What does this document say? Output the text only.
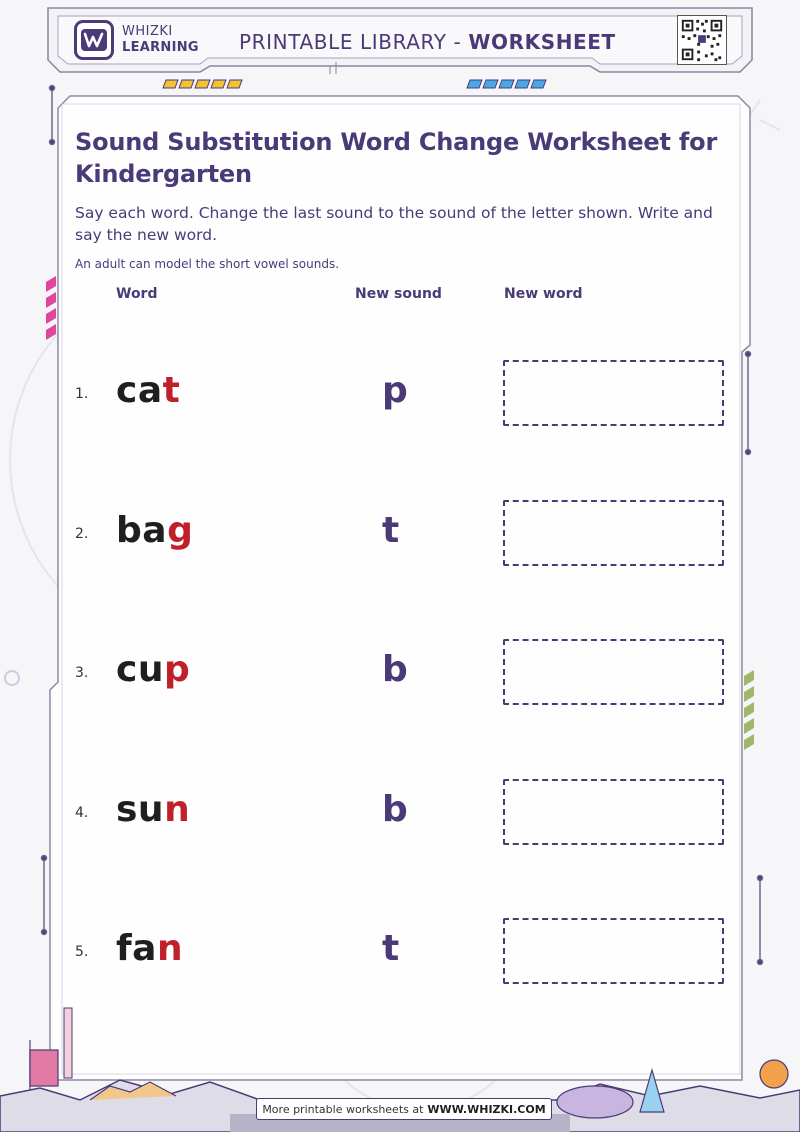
WHIZKI
LEARNING PRINTABLE LIBRARY - WORKSHEET
Sound Substitution Word Change Worksheet for Kindergarten
Say each word. Change the last sound to the sound of the letter shown. Write and say the new word.
An adult can model the short vowel sounds.
Word	New sound	New word
1. cat	p
2. bag	t
3. cup	b
4. sun	b
5. fan	t
More printable worksheets at WWW.WHIZKI.COM
